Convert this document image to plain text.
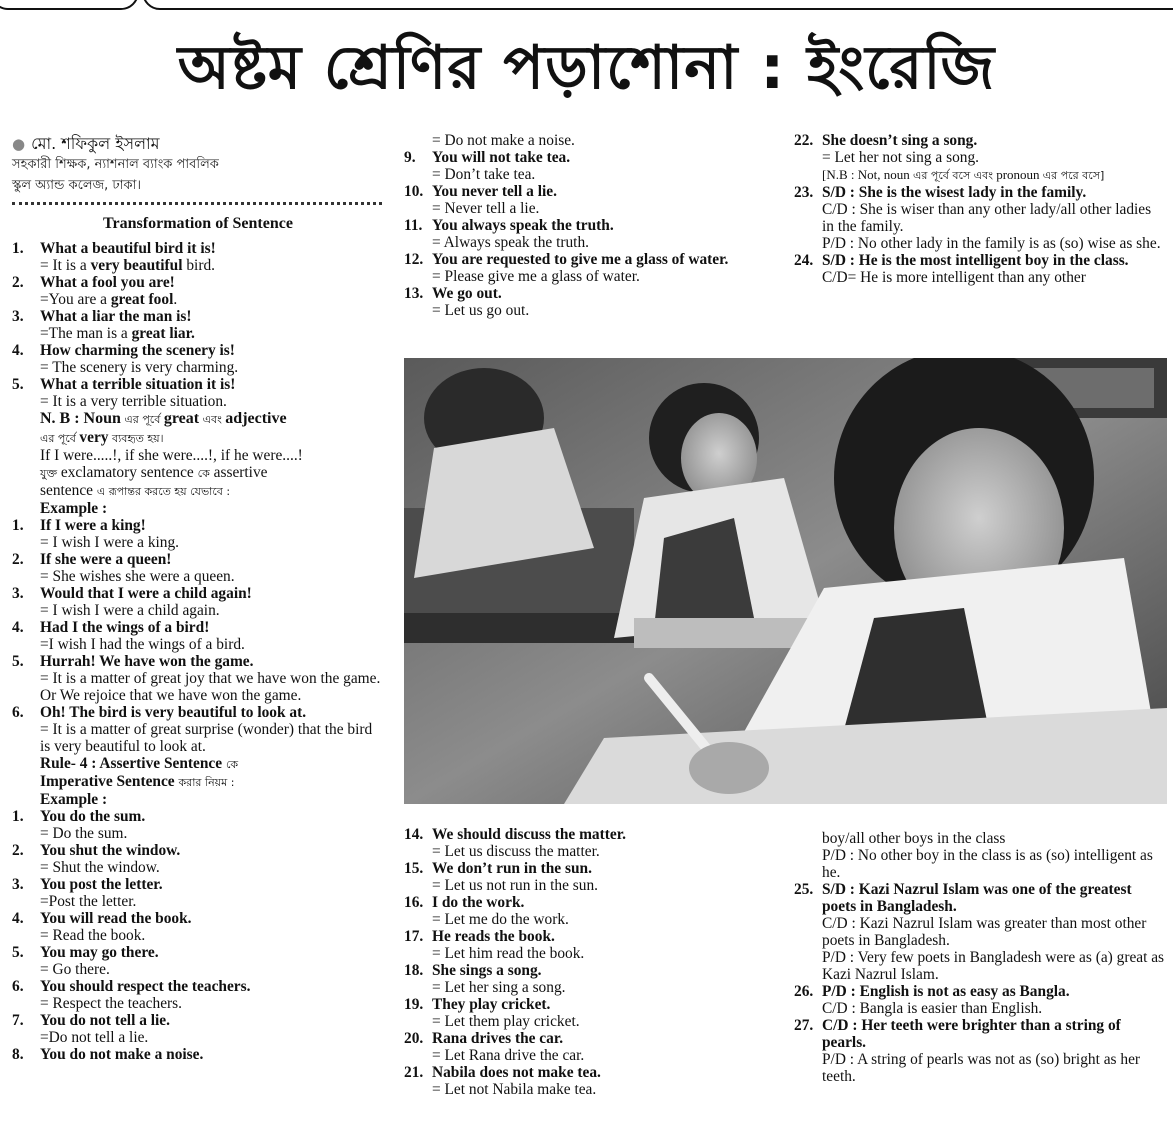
অষ্টম শ্রেণির পড়াশোনা : ইংরেজি
● মো. শফিকুল ইসলাম
সহকারী শিক্ষক, ন্যাশনাল ব্যাংক পাবলিক
স্কুল অ্যান্ড কলেজ, ঢাকা।
Transformation of Sentence
1.	What a beautiful bird it is!
= It is a very beautiful bird.
2.	What a fool you are!
=You are a great fool.
3.	What a liar the man is!
=The man is a great liar.
4.	How charming the scenery is!
= The scenery is very charming.
5.	What a terrible situation it is!
= It is a very terrible situation.
N. B : Noun এর পূর্বে great এবং adjective
এর পূর্বে very ব্যবহৃত হয়।
If I were.....!, if she were....!, if he were....!
যুক্ত exclamatory sentence কে assertive
sentence এ রূপান্তর করতে হয় যেভাবে :
Example :
1.	If I were a king!
= I wish I were a king.
2.	If she were a queen!
= She wishes she were a queen.
3.	Would that I were a child again!
= I wish I were a child again.
4.	Had I the wings of a bird!
=I wish I had the wings of a bird.
5.	Hurrah! We have won the game.
= It is a matter of great joy that we have won the game. Or We rejoice that we have won the game.
6.	Oh! The bird is very beautiful to look at.
= It is a matter of great surprise (wonder) that the bird is very beautiful to look at.
Rule- 4 : Assertive Sentence কে
Imperative Sentence করার নিয়ম :
Example :
1.	You do the sum.
= Do the sum.
2.	You shut the window.
= Shut the window.
3.	You post the letter.
=Post the letter.
4.	You will read the book.
= Read the book.
5.	You may go there.
= Go there.
6.	You should respect the teachers.
= Respect the teachers.
7.	You do not tell a lie.
=Do not tell a lie.
8.	You do not make a noise.
= Do not make a noise.
9.	You will not take tea.
= Don’t take tea.
10. You never tell a lie.
= Never tell a lie.
11. You always speak the truth.
= Always speak the truth.
12. You are requested to give me a glass of water.
= Please give me a glass of water.
13. We go out.
= Let us go out.
22. She doesn’t sing a song.
= Let her not sing a song.
[N.B : Not, noun এর পূর্বে বসে এবং pronoun এর পরে বসে]
23. S/D : She is the wisest lady in the family.
C/D : She is wiser than any other lady/all other ladies in the family.
P/D : No other lady in the family is as (so) wise as she.
24. S/D : He is the most intelligent boy in the class.
C/D= He is more intelligent than any other
14. We should discuss the matter.
= Let us discuss the matter.
15. We don’t run in the sun.
= Let us not run in the sun.
16. I do the work.
= Let me do the work.
17. He reads the book.
= Let him read the book.
18. She sings a song.
= Let her sing a song.
19. They play cricket.
= Let them play cricket.
20. Rana drives the car.
= Let Rana drive the car.
21. Nabila does not make tea.
= Let not Nabila make tea.
boy/all other boys in the class
P/D : No other boy in the class is as (so) intelligent as he.
25. S/D : Kazi Nazrul Islam was one of the greatest poets in Bangladesh.
C/D : Kazi Nazrul Islam was greater than most other poets in Bangladesh.
P/D : Very few poets in Bangladesh were as (a) great as Kazi Nazrul Islam.
26. P/D : English is not as easy as Bangla.
C/D : Bangla is easier than English.
27. C/D : Her teeth were brighter than a string of pearls.
P/D : A string of pearls was not as (so) bright as her teeth.
